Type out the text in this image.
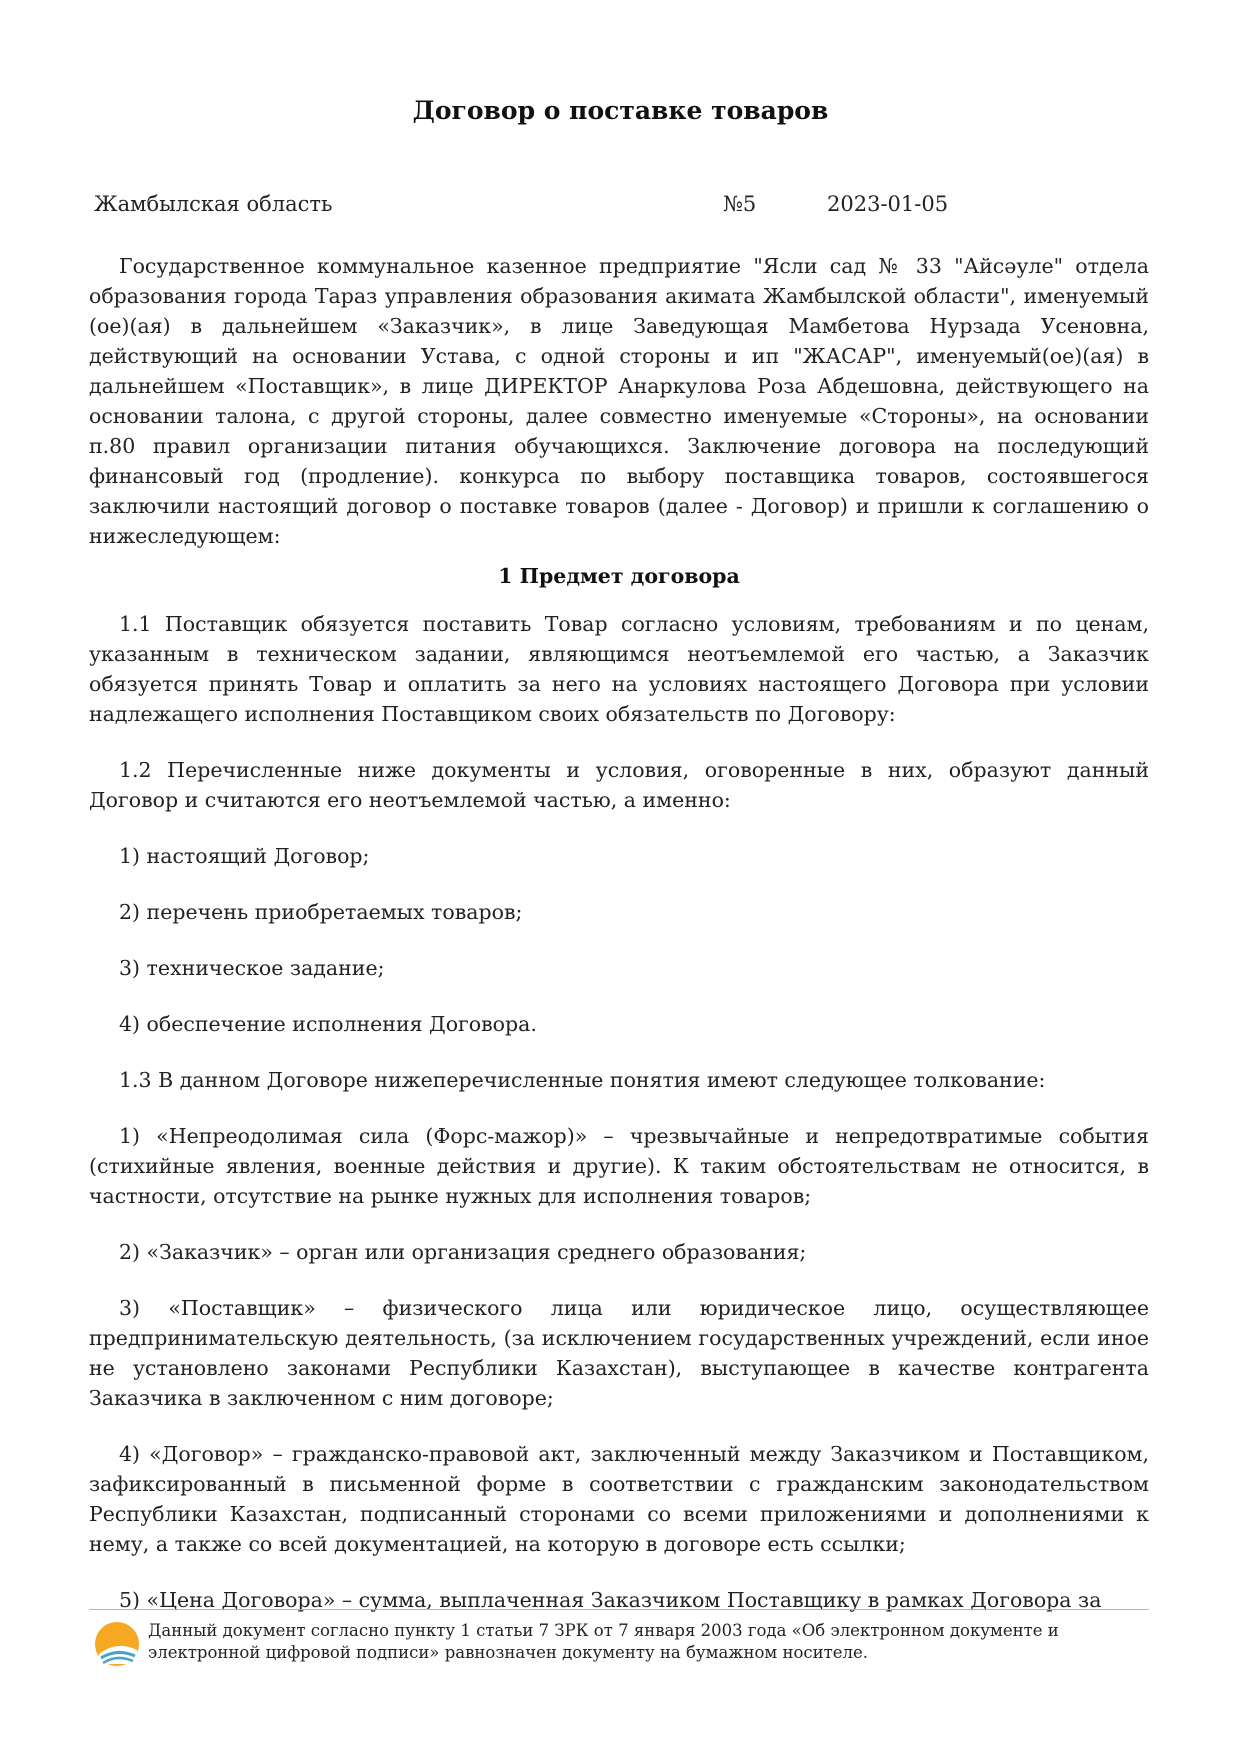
Договор о поставке товаров
Жамбылская область	№5	2023-01-05

Государственное коммунальное казенное предприятие "Ясли сад № 33 "Айсәуле" отдела образования города Тараз управления образования акимата Жамбылской области", именуемый (ое)(ая) в дальнейшем «Заказчик», в лице Заведующая Мамбетова Нурзада Усеновна, действующий на основании Устава, с одной стороны и ип "ЖАСАР", именуемый(ое)(ая) в дальнейшем «Поставщик», в лице ДИРЕКТОР Анаркулова Роза Абдешовна, действующего на основании талона, с другой стороны, далее совместно именуемые «Стороны», на основании п.80 правил организации питания обучающихся. Заключение договора на последующий финансовый год (продление). конкурса по выбору поставщика товаров, состоявшегося заключили настоящий договор о поставке товаров (далее - Договор) и пришли к соглашению о нижеследующем:

1 Предмет договора

1.1 Поставщик обязуется поставить Товар согласно условиям, требованиям и по ценам, указанным в техническом задании, являющимся неотъемлемой его частью, а Заказчик обязуется принять Товар и оплатить за него на условиях настоящего Договора при условии надлежащего исполнения Поставщиком своих обязательств по Договору:

1.2 Перечисленные ниже документы и условия, оговоренные в них, образуют данный Договор и считаются его неотъемлемой частью, а именно:

1) настоящий Договор;

2) перечень приобретаемых товаров;

3) техническое задание;

4) обеспечение исполнения Договора.

1.3 В данном Договоре нижеперечисленные понятия имеют следующее толкование:

1) «Непреодолимая сила (Форс-мажор)» – чрезвычайные и непредотвратимые события (стихийные явления, военные действия и другие). К таким обстоятельствам не относится, в частности, отсутствие на рынке нужных для исполнения товаров;

2) «Заказчик» – орган или организация среднего образования;

3) «Поставщик» – физического лица или юридическое лицо, осуществляющее предпринимательскую деятельность, (за исключением государственных учреждений, если иное не установлено законами Республики Казахстан), выступающее в качестве контрагента Заказчика в заключенном с ним договоре;

4) «Договор» – гражданско-правовой акт, заключенный между Заказчиком и Поставщиком, зафиксированный в письменной форме в соответствии с гражданским законодательством Республики Казахстан, подписанный сторонами со всеми приложениями и дополнениями к нему, а также со всей документацией, на которую в договоре есть ссылки;

5) «Цена Договора» – сумма, выплаченная Заказчиком Поставщику в рамках Договора за

Данный документ согласно пункту 1 статьи 7 ЗРК от 7 января 2003 года «Об электронном документе и
электронной цифровой подписи» равнозначен документу на бумажном носителе.
